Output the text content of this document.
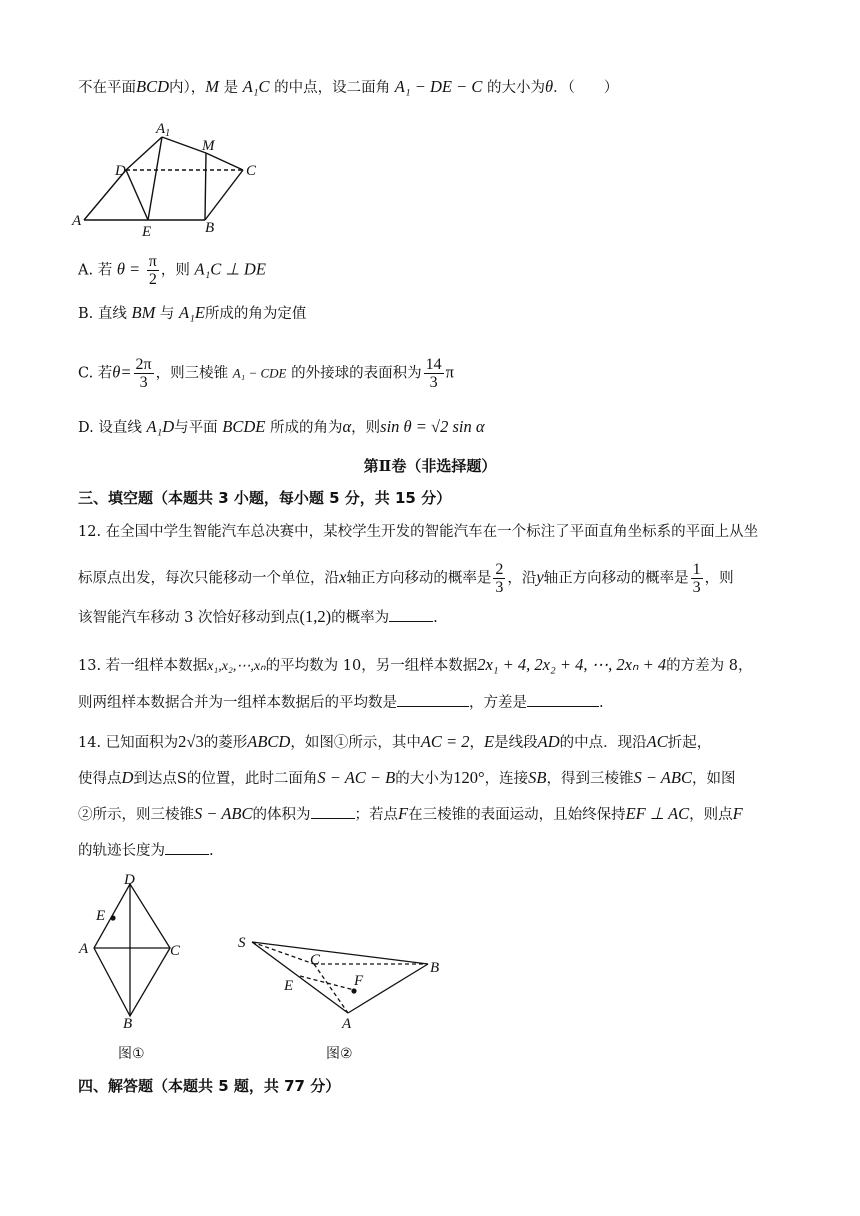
不在平面BCD内），M 是 A₁C 的中点，设二面角 A₁ − DE − C 的大小为θ．（　　）
$A_1$
D
M
C
A
E	B
A. 若 $\theta = \frac{\pi}{2}$ ，则 A₁C ⊥ DE
B. 直线 BM 与 A₁E所成的角为定值
C. 若$\theta= \frac{2\pi}{3}$ ，则三棱锥 A₁ − CDE 的外接球的表面积为 $\frac{14}{3}$ π
D. 设直线 A₁D与平面 BCDE 所成的角为α，则sin θ = √2 sin α
第Ⅱ卷（非选择题）
三、填空题（本题共 3 小题，每小题 5 分，共 15 分）
12. 在全国中学生智能汽车总决赛中，某校学生开发的智能汽车在一个标注了平面直角坐标系的平面上从坐
标原点出发，每次只能移动一个单位，沿x轴正方向移动的概率是 $\frac{2}{3}$ ，沿y轴正方向移动的概率是 $\frac{1}{3}$ ，则
该智能汽车移动 3 次恰好移动到点(1,2)的概率为	.
13. 若一组样本数据x₁,x₂,⋯,xₙ的平均数为 10，另一组样本数据2x₁ + 4, 2x₂ + 4, ⋯, 2xₙ + 4的方差为 8，
则两组样本数据合并为一组样本数据后的平均数是	，方差是	.
14. 已知面积为2√3的菱形ABCD，如图①所示，其中AC = 2，E是线段AD的中点．现沿AC折起，
使得点D到达点S的位置，此时二面角S − AC − B的大小为120°，连接SB，得到三棱锥S − ABC，如图
②所示，则三棱锥S − ABC的体积为	；若点F在三棱锥的表面运动，且始终保持EF ⊥ AC，则点F
的轨迹长度为	.
D
E
A	C
B
图①
S
C	B
E	F
A
图②
四、解答题（本题共 5 题，共 77 分）
